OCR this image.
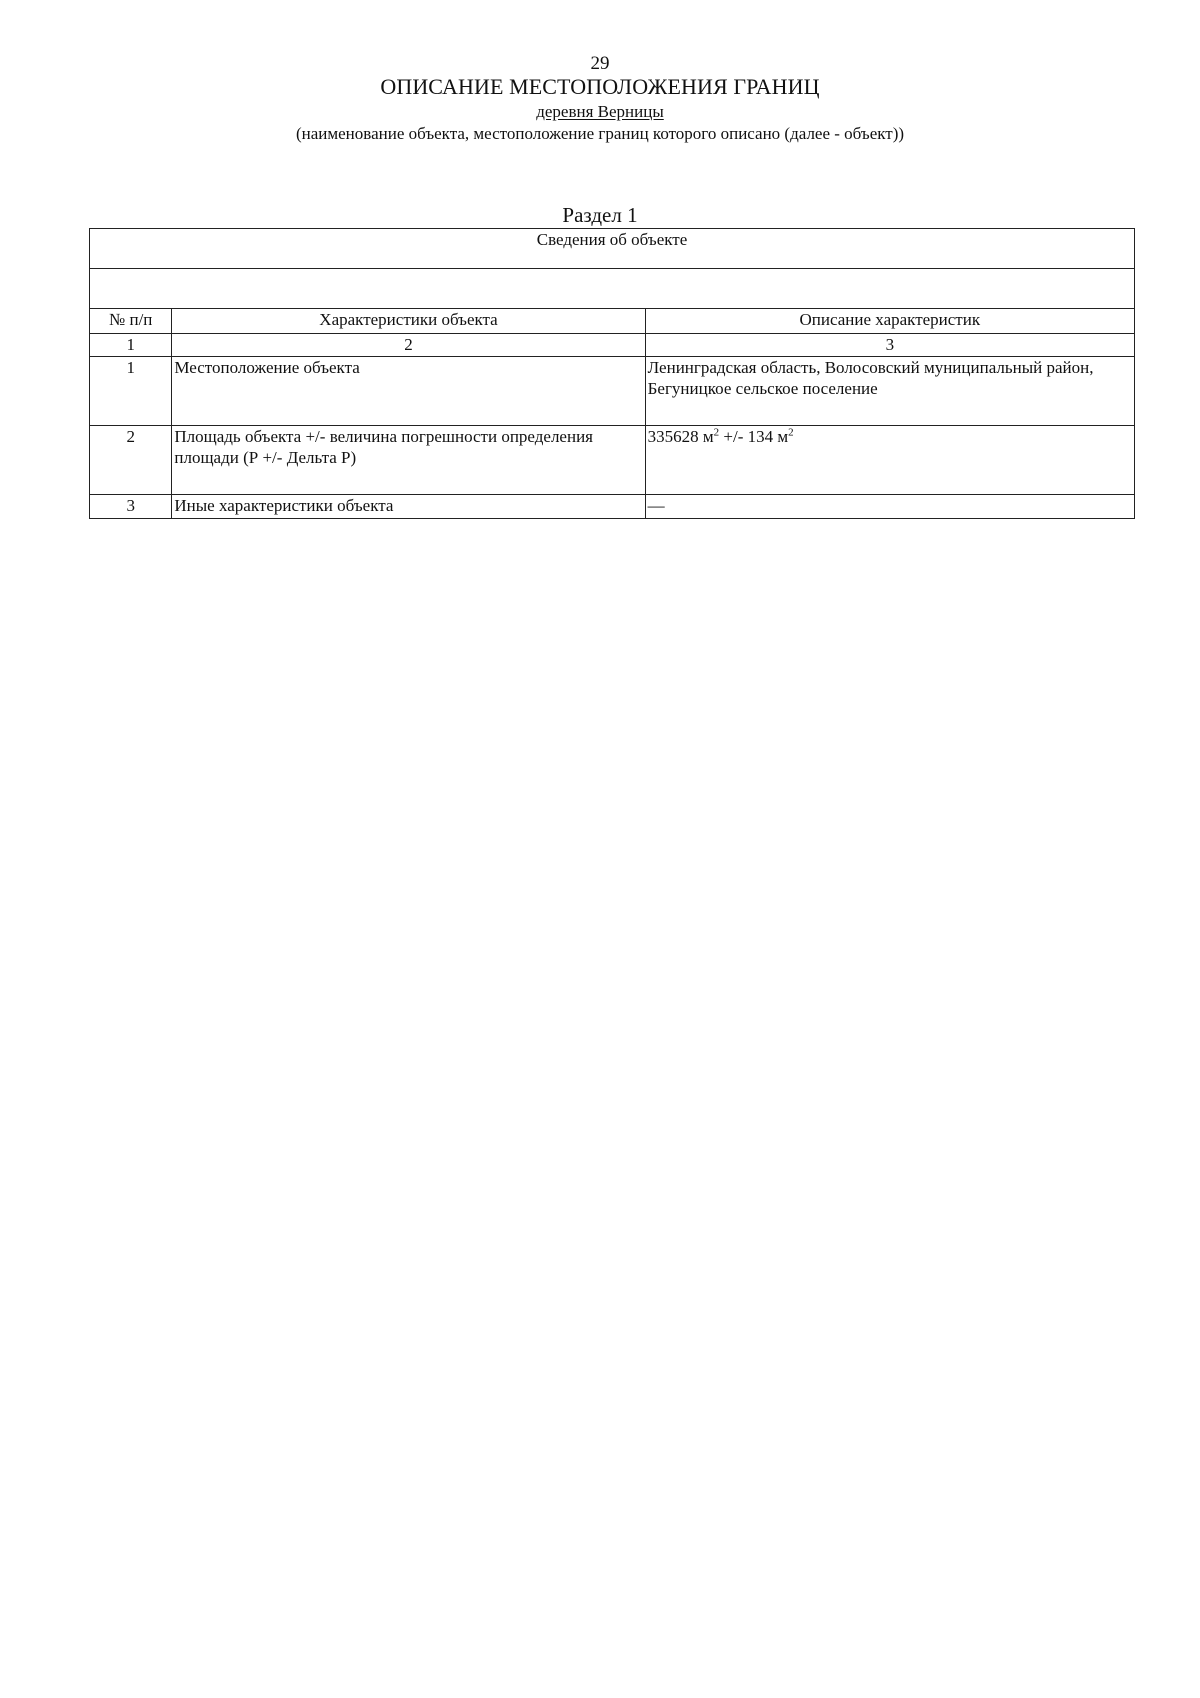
29
ОПИСАНИЕ МЕСТОПОЛОЖЕНИЯ ГРАНИЦ
деревня Верницы
(наименование объекта, местоположение границ которого описано (далее - объект))
Раздел 1
Сведения об объекте		

№ п/п	Характеристики объекта	Описание характеристик
1	2	3
1	Местоположение объекта	Ленинградская область, Волосовский муниципальный район, Бегуницкое сельское поселение
2	Площадь объекта +/- величина погрешности определения площади (Р +/- Дельта Р)	335628 $м^2$ +/- 134 $м^2$
3	Иные характеристики объекта	—
